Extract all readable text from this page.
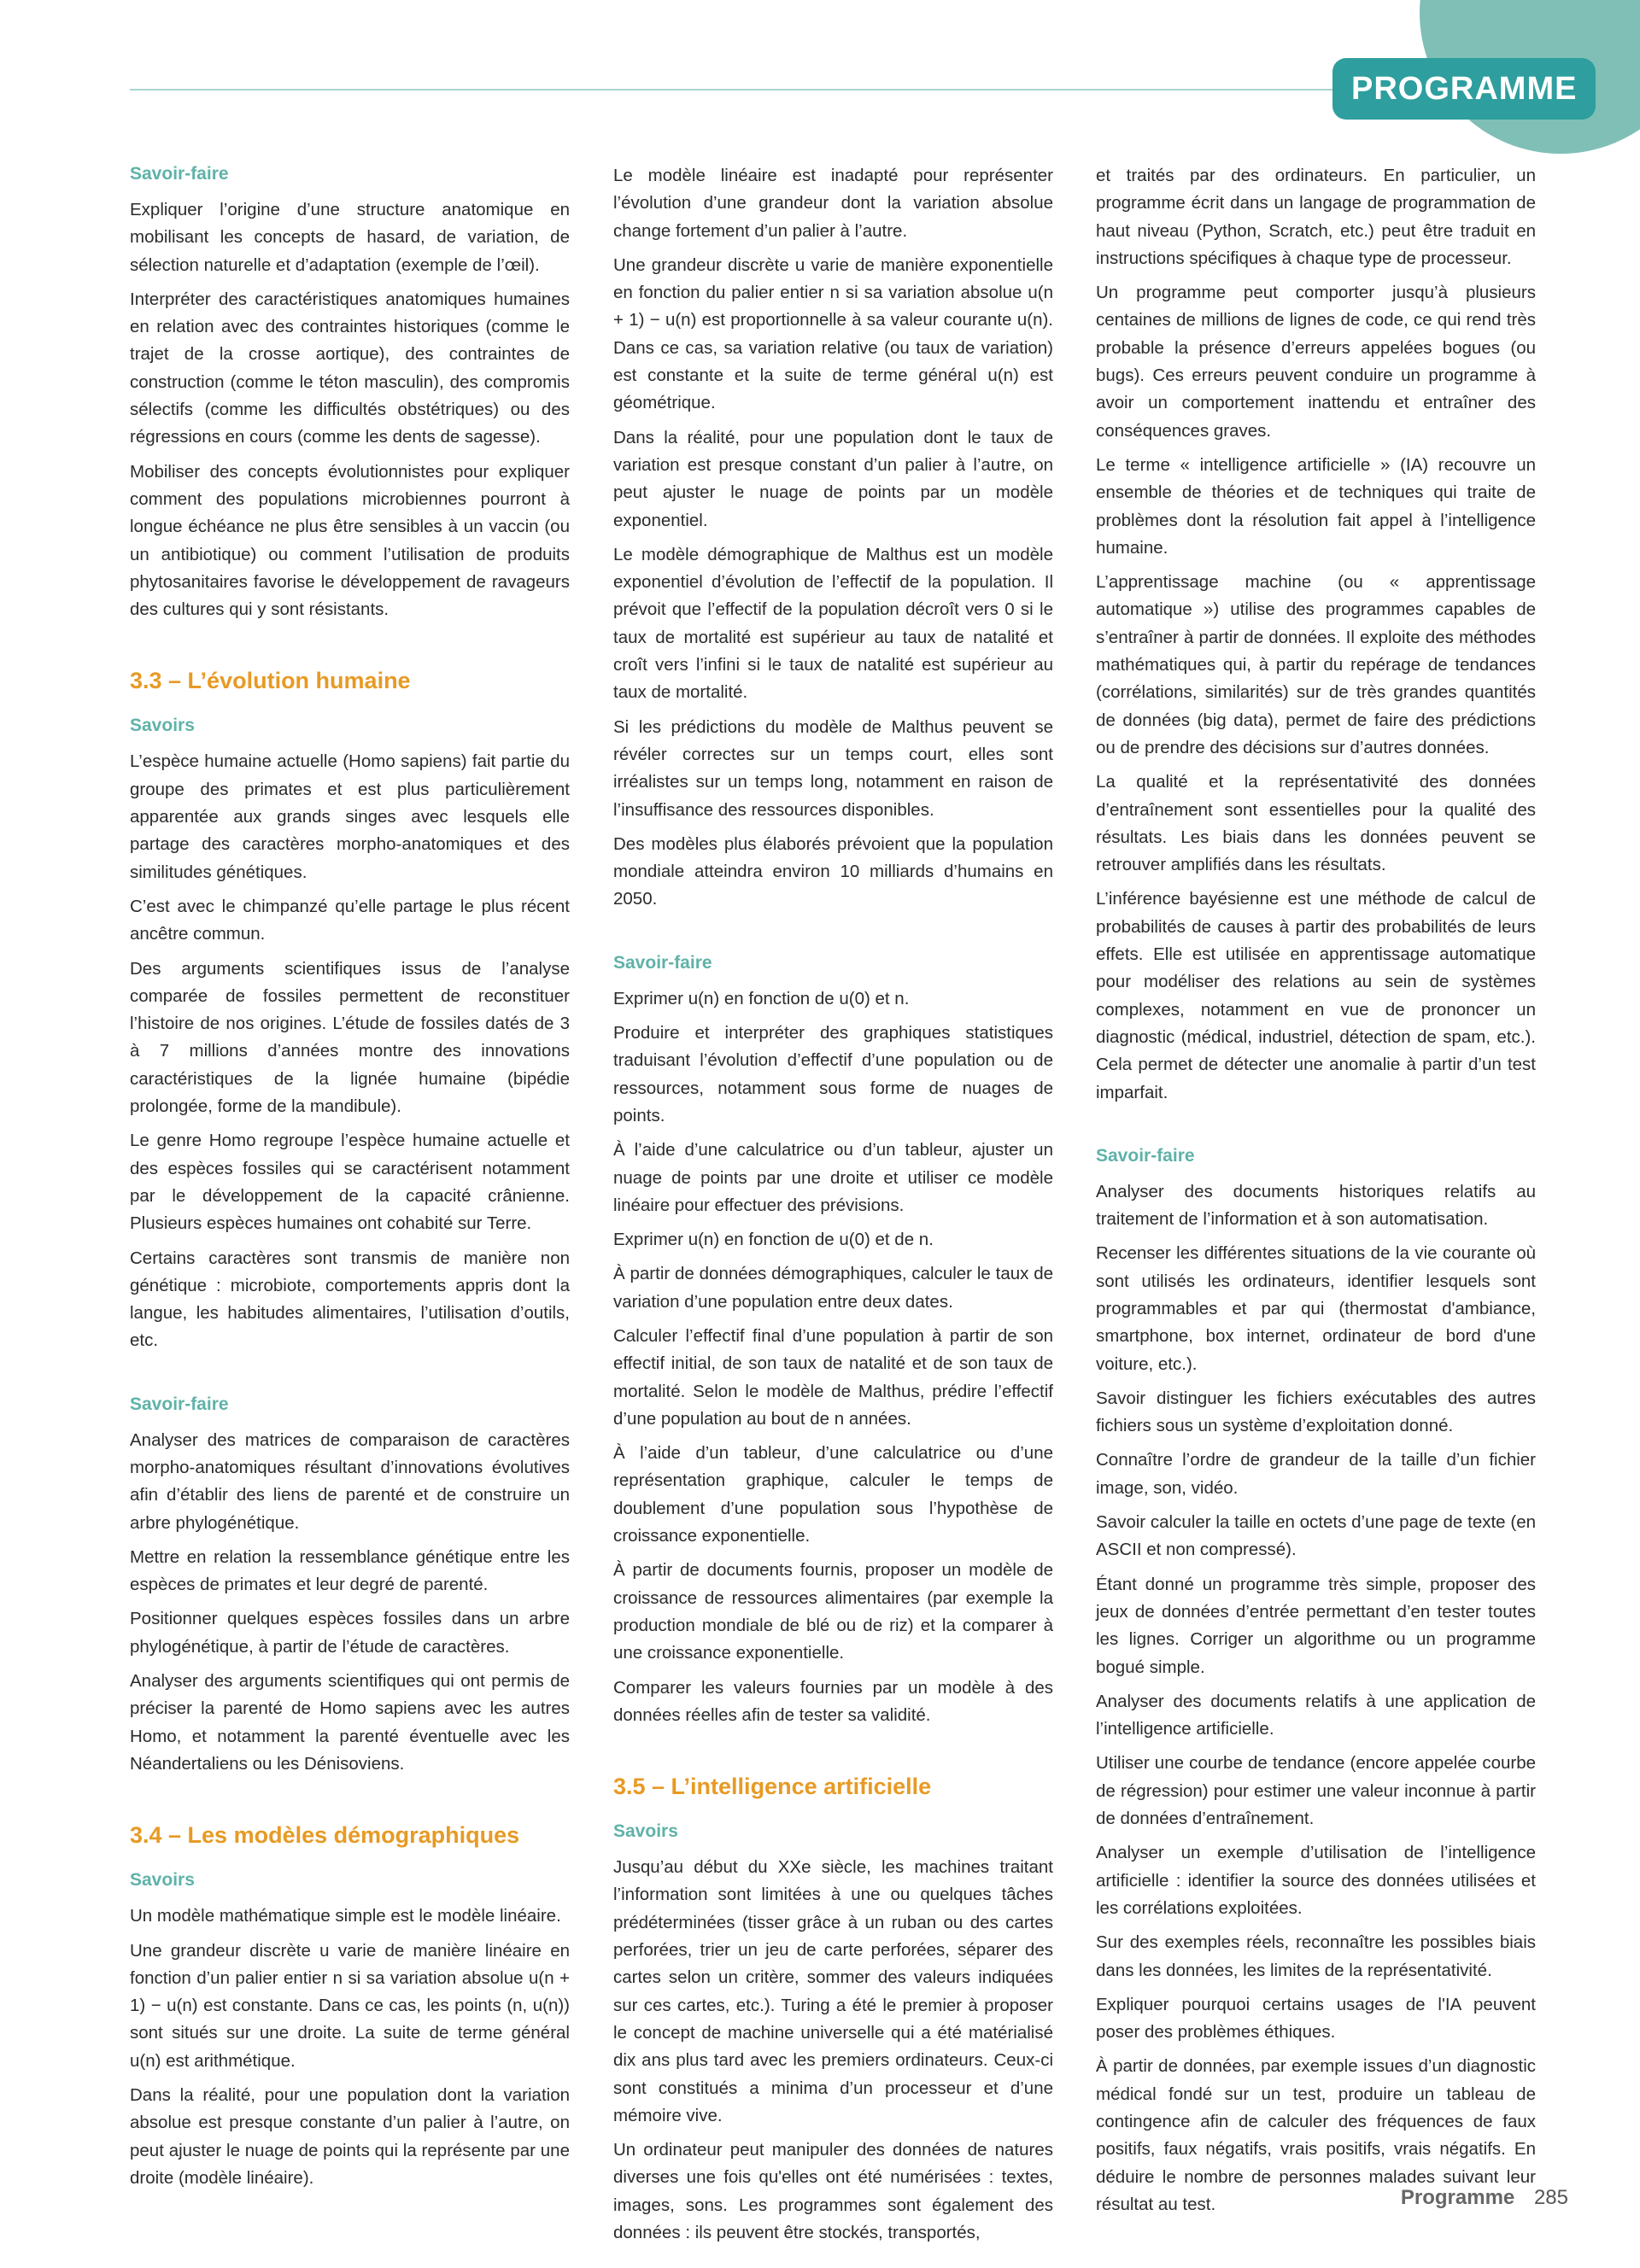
PROGRAMME
Savoir-faire

Expliquer l’origine d’une structure anatomique en mobilisant les concepts de hasard, de variation, de sélection naturelle et d’adaptation (exemple de l’œil).

Interpréter des caractéristiques anatomiques humaines en relation avec des contraintes historiques (comme le trajet de la crosse aortique), des contraintes de construction (comme le téton masculin), des compromis sélectifs (comme les difficultés obstétriques) ou des régressions en cours (comme les dents de sagesse).

Mobiliser des concepts évolutionnistes pour expliquer comment des populations microbiennes pourront à longue échéance ne plus être sensibles à un vaccin (ou un antibiotique) ou comment l’utilisation de produits phytosanitaires favorise le développement de ravageurs des cultures qui y sont résistants.

3.3 – L’évolution humaine
Savoirs

L’espèce humaine actuelle (Homo sapiens) fait partie du groupe des primates et est plus particulièrement apparentée aux grands singes avec lesquels elle partage des caractères morpho-anatomiques et des similitudes génétiques.

C’est avec le chimpanzé qu’elle partage le plus récent ancêtre commun.

Des arguments scientifiques issus de l’analyse comparée de fossiles permettent de reconstituer l’histoire de nos origines. L’étude de fossiles datés de 3 à 7 millions d’années montre des innovations caractéristiques de la lignée humaine (bipédie prolongée, forme de la mandibule).

Le genre Homo regroupe l’espèce humaine actuelle et des espèces fossiles qui se caractérisent notamment par le développement de la capacité crânienne. Plusieurs espèces humaines ont cohabité sur Terre.

Certains caractères sont transmis de manière non génétique : microbiote, comportements appris dont la langue, les habitudes alimentaires, l’utilisation d’outils, etc.

Savoir-faire

Analyser des matrices de comparaison de caractères morpho-anatomiques résultant d’innovations évolutives afin d’établir des liens de parenté et de construire un arbre phylogénétique.

Mettre en relation la ressemblance génétique entre les espèces de primates et leur degré de parenté.

Positionner quelques espèces fossiles dans un arbre phylogénétique, à partir de l’étude de caractères.

Analyser des arguments scientifiques qui ont permis de préciser la parenté de Homo sapiens avec les autres Homo, et notamment la parenté éventuelle avec les Néandertaliens ou les Dénisoviens.

3.4 – Les modèles démographiques
Savoirs

Un modèle mathématique simple est le modèle linéaire.

Une grandeur discrète u varie de manière linéaire en fonction d’un palier entier n si sa variation absolue u(n + 1) − u(n) est constante. Dans ce cas, les points (n, u(n)) sont situés sur une droite. La suite de terme général u(n) est arithmétique.

Dans la réalité, pour une population dont la variation absolue est presque constante d’un palier à l’autre, on peut ajuster le nuage de points qui la représente par une droite (modèle linéaire).

Le modèle linéaire est inadapté pour représenter l’évolution d’une grandeur dont la variation absolue change fortement d’un palier à l’autre.

Une grandeur discrète u varie de manière exponentielle en fonction du palier entier n si sa variation absolue u(n + 1) − u(n) est proportionnelle à sa valeur courante u(n). Dans ce cas, sa variation relative (ou taux de variation) est constante et la suite de terme général u(n) est géométrique.

Dans la réalité, pour une population dont le taux de variation est presque constant d’un palier à l’autre, on peut ajuster le nuage de points par un modèle exponentiel.

Le modèle démographique de Malthus est un modèle exponentiel d’évolution de l’effectif de la population. Il prévoit que l’effectif de la population décroît vers 0 si le taux de mortalité est supérieur au taux de natalité et croît vers l’infini si le taux de natalité est supérieur au taux de mortalité.

Si les prédictions du modèle de Malthus peuvent se révéler correctes sur un temps court, elles sont irréalistes sur un temps long, notamment en raison de l’insuffisance des ressources disponibles.

Des modèles plus élaborés prévoient que la population mondiale atteindra environ 10 milliards d’humains en 2050.

Savoir-faire

Exprimer u(n) en fonction de u(0) et n.

Produire et interpréter des graphiques statistiques traduisant l’évolution d’effectif d’une population ou de ressources, notamment sous forme de nuages de points.

À l’aide d’une calculatrice ou d’un tableur, ajuster un nuage de points par une droite et utiliser ce modèle linéaire pour effectuer des prévisions.

Exprimer u(n) en fonction de u(0) et de n.

À partir de données démographiques, calculer le taux de variation d’une population entre deux dates.

Calculer l’effectif final d’une population à partir de son effectif initial, de son taux de natalité et de son taux de mortalité. Selon le modèle de Malthus, prédire l’effectif d’une population au bout de n années.

À l’aide d’un tableur, d’une calculatrice ou d’une représentation graphique, calculer le temps de doublement d’une population sous l’hypothèse de croissance exponentielle.

À partir de documents fournis, proposer un modèle de croissance de ressources alimentaires (par exemple la production mondiale de blé ou de riz) et la comparer à une croissance exponentielle.

Comparer les valeurs fournies par un modèle à des données réelles afin de tester sa validité.

3.5 – L’intelligence artificielle
Savoirs

Jusqu’au début du XXe siècle, les machines traitant l’information sont limitées à une ou quelques tâches prédéterminées (tisser grâce à un ruban ou des cartes perforées, trier un jeu de carte perforées, séparer des cartes selon un critère, sommer des valeurs indiquées sur ces cartes, etc.). Turing a été le premier à proposer le concept de machine universelle qui a été matérialisé dix ans plus tard avec les premiers ordinateurs. Ceux-ci sont constitués a minima d’un processeur et d’une mémoire vive.

Un ordinateur peut manipuler des données de natures diverses une fois qu'elles ont été numérisées : textes, images, sons. Les programmes sont également des données : ils peuvent être stockés, transportés,

et traités par des ordinateurs. En particulier, un programme écrit dans un langage de programmation de haut niveau (Python, Scratch, etc.) peut être traduit en instructions spécifiques à chaque type de processeur.

Un programme peut comporter jusqu’à plusieurs centaines de millions de lignes de code, ce qui rend très probable la présence d’erreurs appelées bogues (ou bugs). Ces erreurs peuvent conduire un programme à avoir un comportement inattendu et entraîner des conséquences graves.

Le terme « intelligence artificielle » (IA) recouvre un ensemble de théories et de techniques qui traite de problèmes dont la résolution fait appel à l’intelligence humaine.

L’apprentissage machine (ou « apprentissage automatique ») utilise des programmes capables de s’entraîner à partir de données. Il exploite des méthodes mathématiques qui, à partir du repérage de tendances (corrélations, similarités) sur de très grandes quantités de données (big data), permet de faire des prédictions ou de prendre des décisions sur d’autres données.

La qualité et la représentativité des données d’entraînement sont essentielles pour la qualité des résultats. Les biais dans les données peuvent se retrouver amplifiés dans les résultats.

L’inférence bayésienne est une méthode de calcul de probabilités de causes à partir des probabilités de leurs effets. Elle est utilisée en apprentissage automatique pour modéliser des relations au sein de systèmes complexes, notamment en vue de prononcer un diagnostic (médical, industriel, détection de spam, etc.). Cela permet de détecter une anomalie à partir d’un test imparfait.

Savoir-faire

Analyser des documents historiques relatifs au traitement de l’information et à son automatisation.

Recenser les différentes situations de la vie courante où sont utilisés les ordinateurs, identifier lesquels sont programmables et par qui (thermostat d'ambiance, smartphone, box internet, ordinateur de bord d'une voiture, etc.).

Savoir distinguer les fichiers exécutables des autres fichiers sous un système d’exploitation donné.

Connaître l’ordre de grandeur de la taille d’un fichier image, son, vidéo.

Savoir calculer la taille en octets d’une page de texte (en ASCII et non compressé).

Étant donné un programme très simple, proposer des jeux de données d’entrée permettant d’en tester toutes les lignes. Corriger un algorithme ou un programme bogué simple.

Analyser des documents relatifs à une application de l’intelligence artificielle.

Utiliser une courbe de tendance (encore appelée courbe de régression) pour estimer une valeur inconnue à partir de données d’entraînement.

Analyser un exemple d’utilisation de l’intelligence artificielle : identifier la source des données utilisées et les corrélations exploitées.

Sur des exemples réels, reconnaître les possibles biais dans les données, les limites de la représentativité.

Expliquer pourquoi certains usages de l'IA peuvent poser des problèmes éthiques.

À partir de données, par exemple issues d’un diagnostic médical fondé sur un test, produire un tableau de contingence afin de calculer des fréquences de faux positifs, faux négatifs, vrais positifs, vrais négatifs. En déduire le nombre de personnes malades suivant leur résultat au test.	Programme 285
